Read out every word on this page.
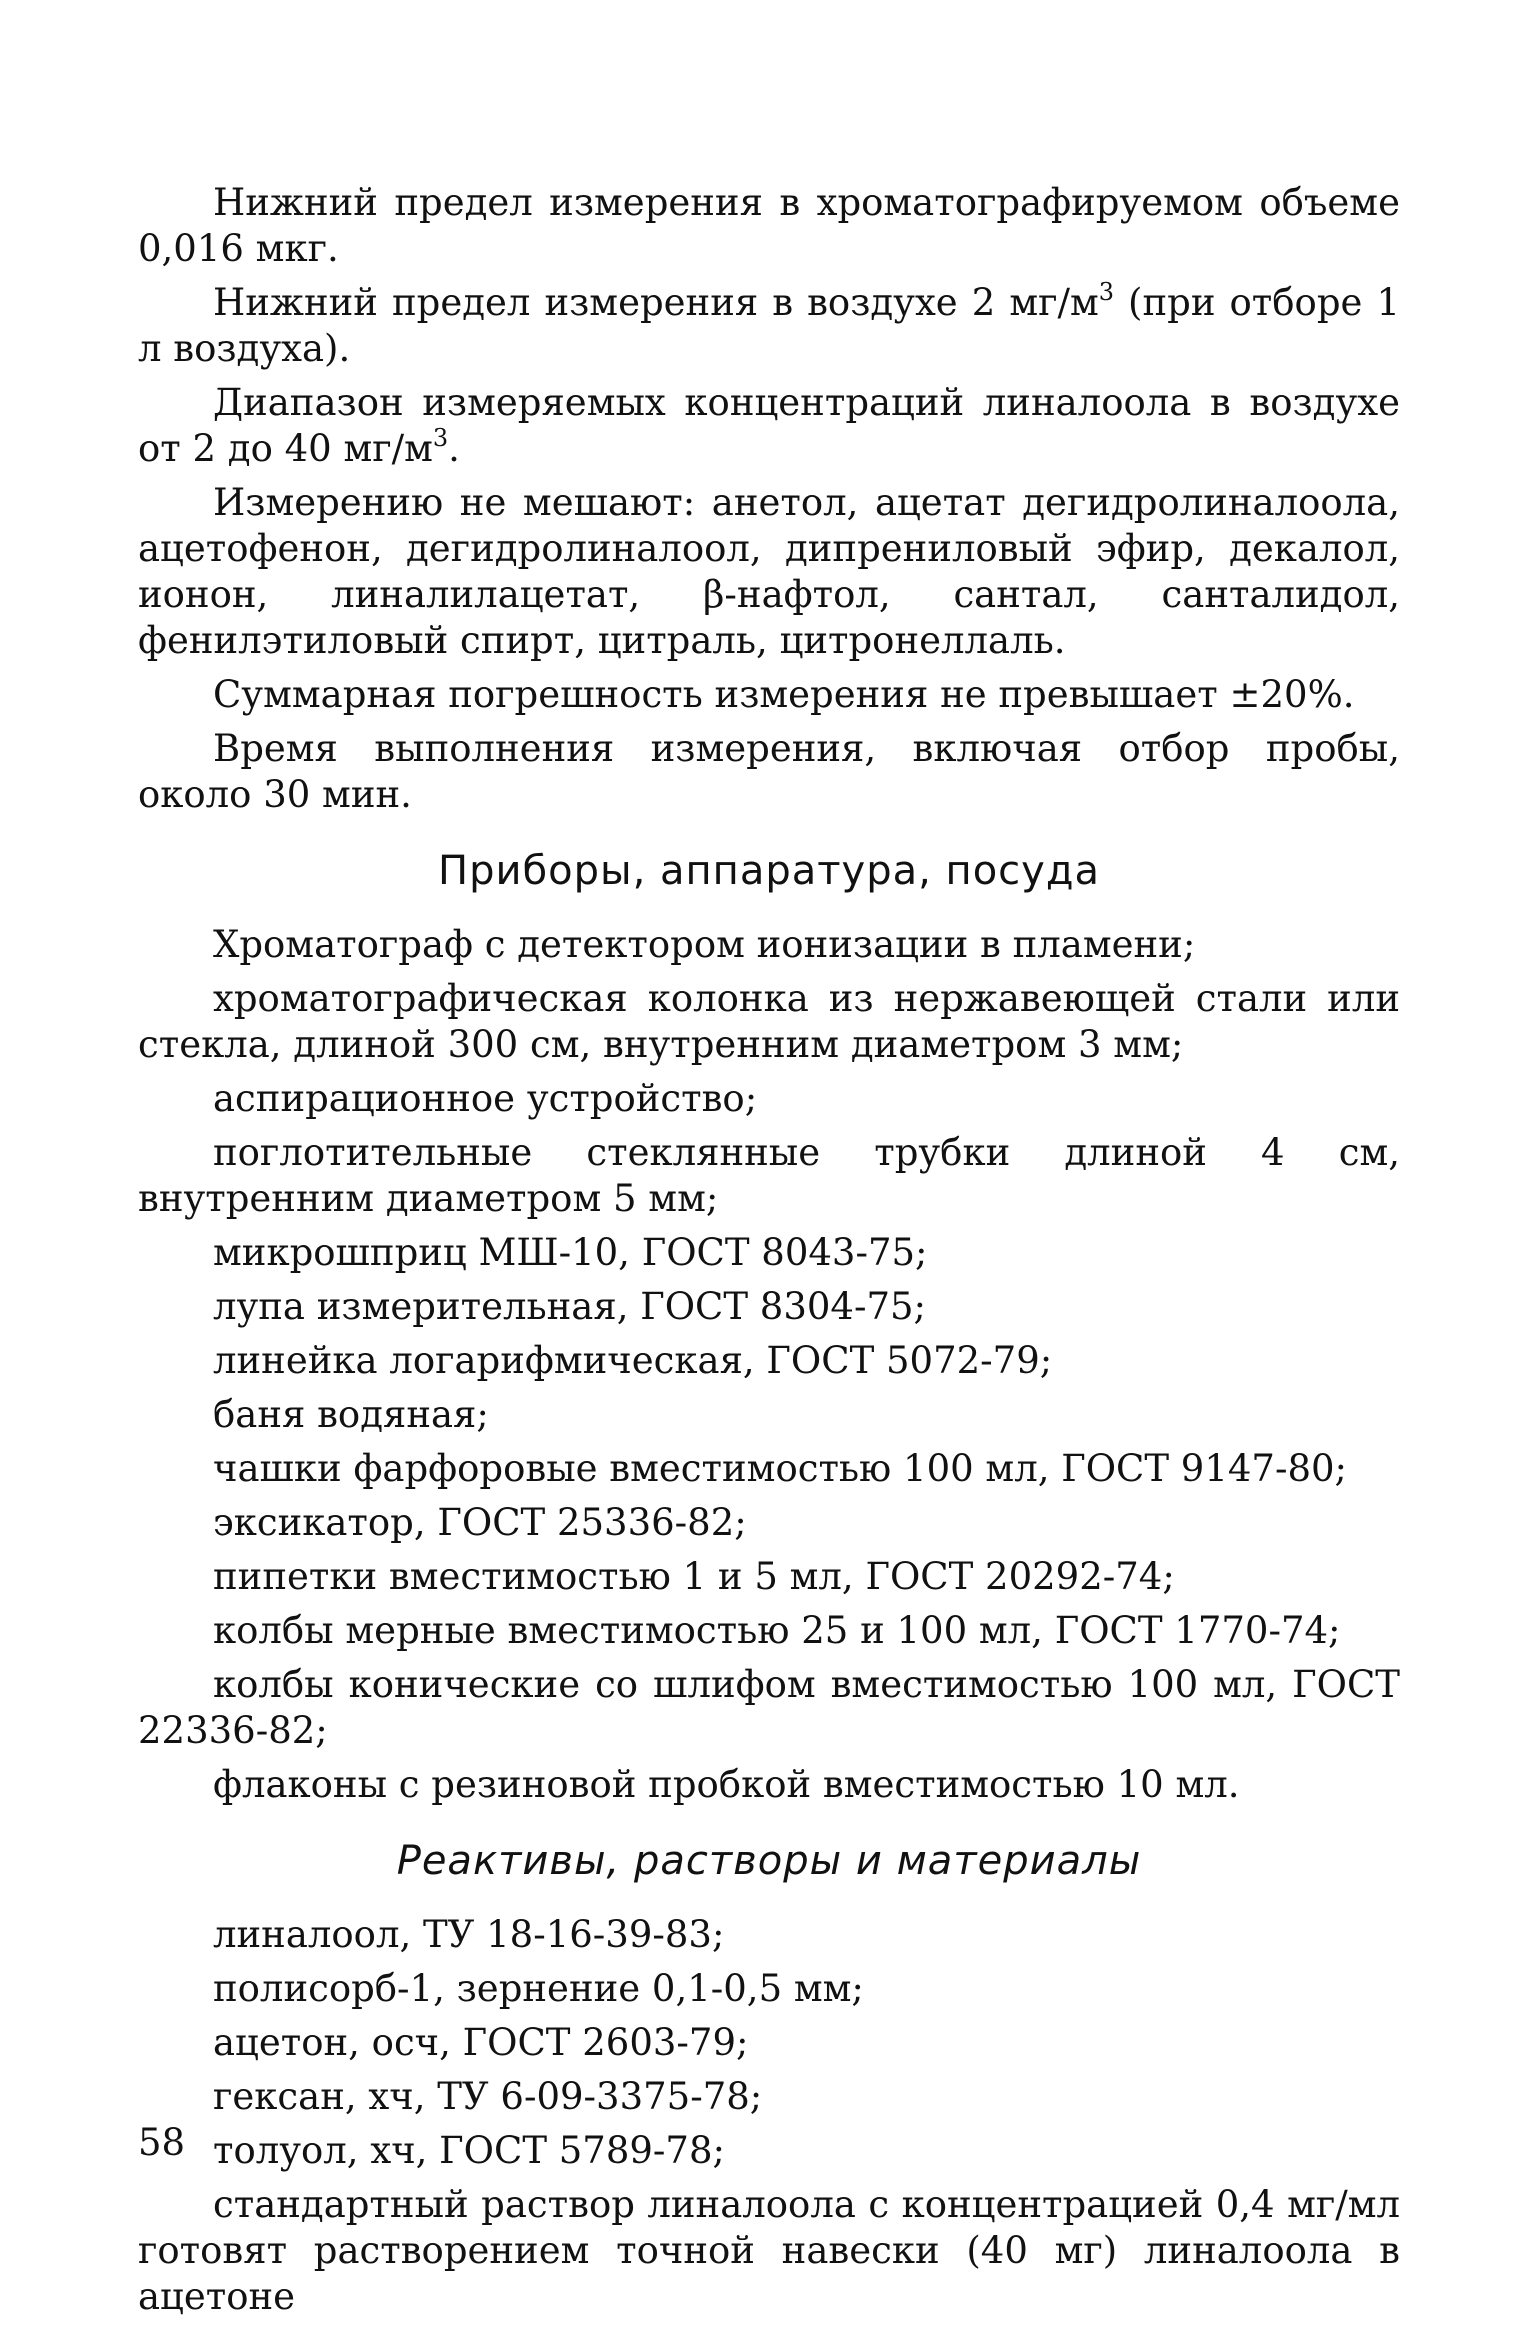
Нижний предел измерения в хроматографируемом объеме 0,016 мкг.

Нижний предел измерения в воздухе 2 $мг/м^3$ (при отборе 1 л воздуха).

Диапазон измеряемых концентраций линалоола в воздухе от 2 до 40 $мг/м^3$.

Измерению не мешают: анетол, ацетат дегидролиналоола, ацетофенон, дегидролиналоол, дипрениловый эфир, декалол, ионон, линалилацетат, β-нафтол, сантал, санталидол, фенилэтиловый спирт, цитраль, цитронеллаль.

Суммарная погрешность измерения не превышает ±20%.

Время выполнения измерения, включая отбор пробы, около 30 мин.

Приборы, аппаратура, посуда

Хроматограф с детектором ионизации в пламени;

хроматографическая колонка из нержавеющей стали или стекла, длиной 300 см, внутренним диаметром 3 мм;

аспирационное устройство;

поглотительные стеклянные трубки длиной 4 см, внутренним диаметром 5 мм;

микрошприц МШ-10, ГОСТ 8043-75;

лупа измерительная, ГОСТ 8304-75;

линейка логарифмическая, ГОСТ 5072-79;

баня водяная;

чашки фарфоровые вместимостью 100 мл, ГОСТ 9147-80;

эксикатор, ГОСТ 25336-82;

пипетки вместимостью 1 и 5 мл, ГОСТ 20292-74;

колбы мерные вместимостью 25 и 100 мл, ГОСТ 1770-74;

колбы конические со шлифом вместимостью 100 мл, ГОСТ 22336-82;

флаконы с резиновой пробкой вместимостью 10 мл.

Реактивы, растворы и материалы

линалоол, ТУ 18-16-39-83;

полисорб-1, зернение 0,1-0,5 мм;

ацетон, осч, ГОСТ 2603-79;

гексан, хч, ТУ 6-09-3375-78;

толуол, хч, ГОСТ 5789-78;

стандартный раствор линалоола с концентрацией 0,4 мг/мл готовят растворением точной навески (40 мг) линалоола в ацетоне

58
